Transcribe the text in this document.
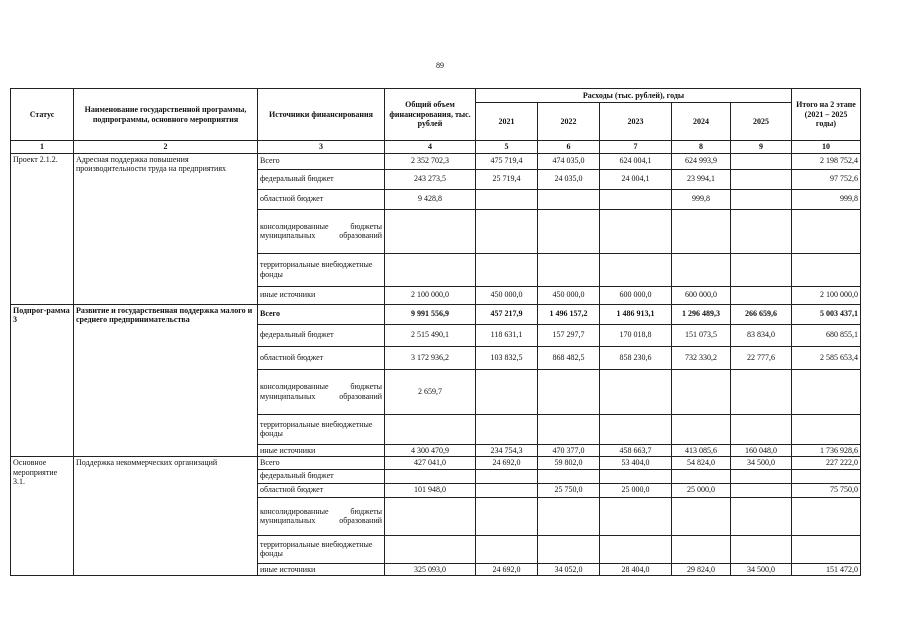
89
Статус	Наименование государственной программы, подпрограммы, основного мероприятия	Источники финансирования	Общий объем финансирования, тыс. рублей	Расходы (тыс. рублей), годы					Итого на 2 этапе (2021 – 2025 годы)
				2021	2022	2023	2024	2025	
1	2	3	4	5	6	7	8	9	10
Проект 2.1.2.	Адресная поддержка повышения производительности труда на предприятиях	Всего	2 352 702,3	475 719,4	474 035,0	624 004,1	624 993,9		2 198 752,4
		федеральный бюджет	243 273,5	25 719,4	24 035,0	24 004,1	23 994,1		97 752,6
		областной бюджет	9 428,8				999,8		999,8
		консолидированные бюджеты муниципальных образований							
		территориальные внебюджетные фонды							
		иные источники	2 100 000,0	450 000,0	450 000,0	600 000,0	600 000,0		2 100 000,0
Подпрог-рамма 3	Развитие и государственная поддержка малого и среднего предпринимательства	Всего	9 991 556,9	457 217,9	1 496 157,2	1 486 913,1	1 296 489,3	266 659,6	5 003 437,1
		федеральный бюджет	2 515 490,1	118 631,1	157 297,7	170 018,8	151 073,5	83 834,0	680 855,1
		областной бюджет	3 172 936,2	103 832,5	868 482,5	858 230,6	732 330,2	22 777,6	2 585 653,4
		консолидированные бюджеты муниципальных образований	2 659,7						
		территориальные внебюджетные фонды							
		иные источники	4 300 470,9	234 754,3	470 377,0	458 663,7	413 085,6	160 048,0	1 736 928,6
Основное мероприятие 3.1.	Поддержка некоммерческих организаций	Всего	427 041,0	24 692,0	59 802,0	53 404,0	54 824,0	34 500,0	227 222,0
		федеральный бюджет							
		областной бюджет	101 948,0		25 750,0	25 000,0	25 000,0		75 750,0
		консолидированные бюджеты муниципальных образований							
		территориальные внебюджетные фонды							
		иные источники	325 093,0	24 692,0	34 052,0	28 404,0	29 824,0	34 500,0	151 472,0
